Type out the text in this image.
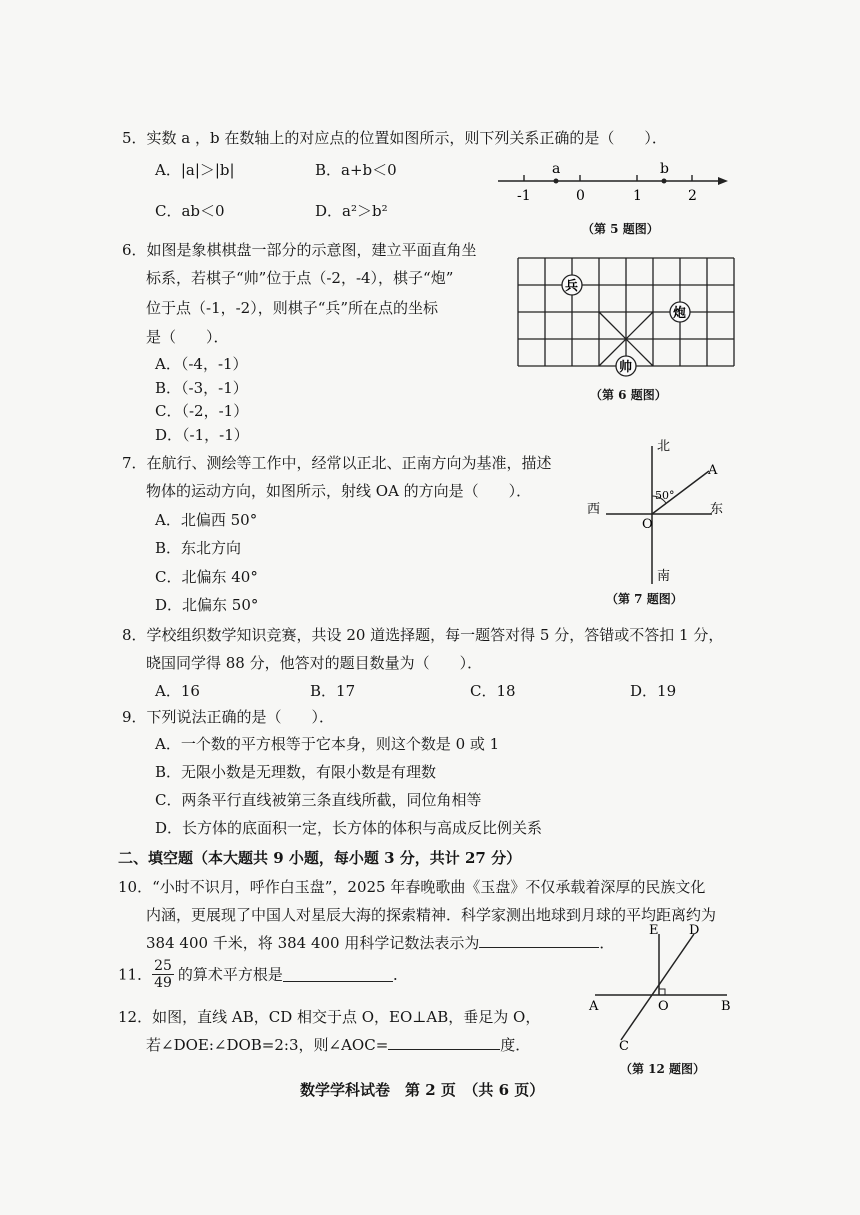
5．实数 a ，b 在数轴上的对应点的位置如图所示，则下列关系正确的是（　　）．
A．|a|＞|b|	B．a+b＜0
C．ab＜0	D．a²＞b²
a	b
-1	0	1	2
（第 5 题图）
6．如图是象棋棋盘一部分的示意图，建立平面直角坐
标系，若棋子“帅”位于点（-2，-4），棋子“炮”
位于点（-1，-2），则棋子“兵”所在点的坐标
是（　　）．
A．（-4，-1）
B．（-3，-1）
C．（-2，-1）
D．（-1，-1）
兵
炮
帅
（第 6 题图）
7．在航行、测绘等工作中，经常以正北、正南方向为基准，描述
物体的运动方向，如图所示，射线 OA 的方向是（　　）．
A．北偏西 50°
B．东北方向
C．北偏东 40°
D．北偏东 50°
北
南
西	东
O
A
50°
（第 7 题图）
8．学校组织数学知识竞赛，共设 20 道选择题，每一题答对得 5 分，答错或不答扣 1 分，
晓国同学得 88 分，他答对的题目数量为（　　）．
A．16	B．17	C．18	D．19
9．下列说法正确的是（　　）．
A．一个数的平方根等于它本身，则这个数是 0 或 1
B．无限小数是无理数，有限小数是有理数
C．两条平行直线被第三条直线所截，同位角相等
D．长方体的底面积一定，长方体的体积与高成反比例关系
二、填空题（本大题共 9 小题，每小题 3 分，共计 27 分）
10．“小时不识月，呼作白玉盘”，2025 年春晚歌曲《玉盘》不仅承载着深厚的民族文化
内涵，更展现了中国人对星辰大海的探索精神．科学家测出地球到月球的平均距离约为
384 400 千米，将 384 400 用科学记数法表示为	．
11． $\frac{25}{49}$ 的算术平方根是	．
12．如图，直线 AB，CD 相交于点 O，EO⊥AB，垂足为 O，
若∠DOE:∠DOB=2:3，则∠AOC=	度．
A	B
C
D
E
O
（第 12 题图）
数学学科试卷　第 2 页　（共 6 页）
